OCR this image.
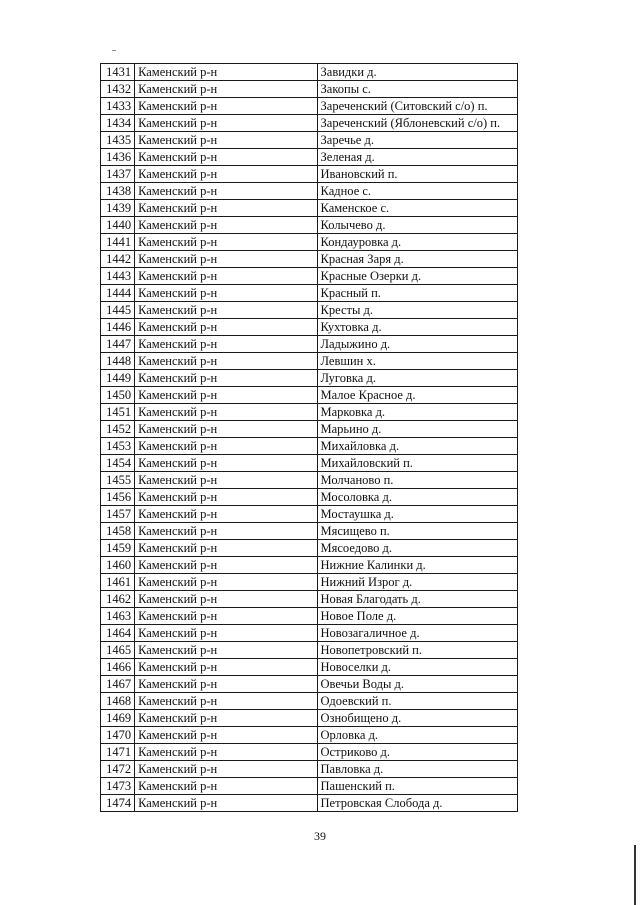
1431	Каменский р-н	Завидки д.
1432	Каменский р-н	Закопы с.
1433	Каменский р-н	Зареченский (Ситовский с/о) п.
1434	Каменский р-н	Зареченский (Яблоневский с/о) п.
1435	Каменский р-н	Заречье д.
1436	Каменский р-н	Зеленая д.
1437	Каменский р-н	Ивановский п.
1438	Каменский р-н	Кадное с.
1439	Каменский р-н	Каменское с.
1440	Каменский р-н	Колычево д.
1441	Каменский р-н	Кондауровка д.
1442	Каменский р-н	Красная Заря д.
1443	Каменский р-н	Красные Озерки д.
1444	Каменский р-н	Красный п.
1445	Каменский р-н	Кресты д.
1446	Каменский р-н	Кухтовка д.
1447	Каменский р-н	Ладыжино д.
1448	Каменский р-н	Левшин х.
1449	Каменский р-н	Луговка д.
1450	Каменский р-н	Малое Красное д.
1451	Каменский р-н	Марковка д.
1452	Каменский р-н	Марьино д.
1453	Каменский р-н	Михайловка д.
1454	Каменский р-н	Михайловский п.
1455	Каменский р-н	Молчаново п.
1456	Каменский р-н	Мосоловка д.
1457	Каменский р-н	Мостаушка д.
1458	Каменский р-н	Мясищево п.
1459	Каменский р-н	Мясоедово д.
1460	Каменский р-н	Нижние Калинки д.
1461	Каменский р-н	Нижний Изрог д.
1462	Каменский р-н	Новая Благодать д.
1463	Каменский р-н	Новое Поле д.
1464	Каменский р-н	Новозагаличное д.
1465	Каменский р-н	Новопетровский п.
1466	Каменский р-н	Новоселки д.
1467	Каменский р-н	Овечьи Воды д.
1468	Каменский р-н	Одоевский п.
1469	Каменский р-н	Ознобищено д.
1470	Каменский р-н	Орловка д.
1471	Каменский р-н	Остриково д.
1472	Каменский р-н	Павловка д.
1473	Каменский р-н	Пашенский п.
1474	Каменский р-н	Петровская Слобода д.
39
